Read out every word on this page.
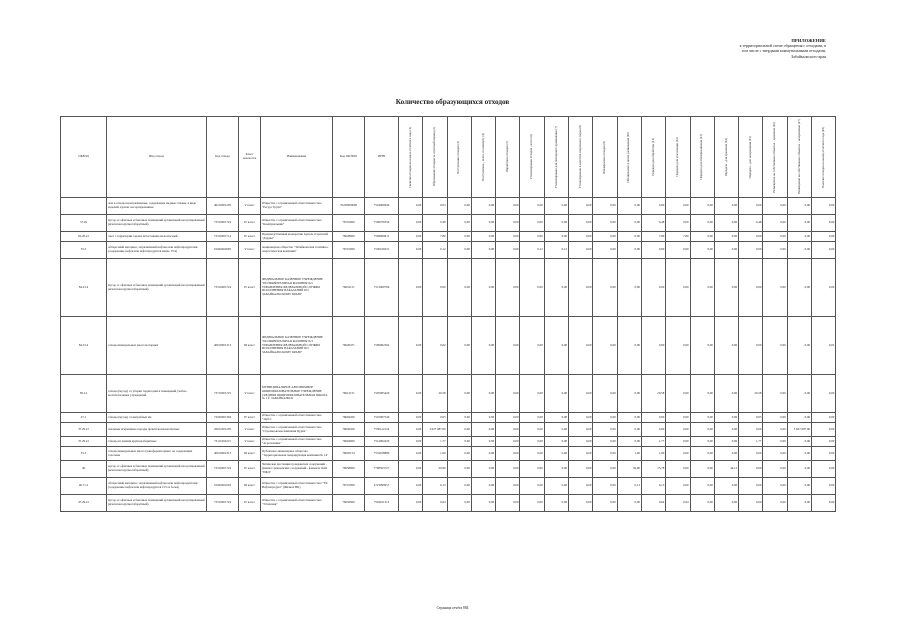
ПРИЛОЖЕНИЕ
к территориальной схеме обращения с отходами, в
том числе с твердыми коммунальными отходами,
Забайкальского края
Количество образующихся отходов
ОКВЭД	Вид отхода	Код отхода	Класс опасности	Наименование	Код ОКТМО	ИНН	Наличие отходов на начало отчетного года (1)	Образование отходов за отчетный период (2)	Поступление отходов (3)	Поступление - всего, по импорту (4)	Обработано отходов (5)	Утилизировано отходов - всего (6)	Утилизировано для повторного применения (7)	Утилизировано в качестве вторичного сырья (8)	Обезврежено отходов (9)	Обезврежено в целях размещения (10)	Передача для обработки (11)	Передача для утилизации (12)	Передача для обезвреживания (13)	Передача - для хранения (14)	Передача - для захоронения (15)	Размещение на собственных объектах - хранение (16)	Размещение на собственных объектах - захоронение (17)	Наличие отходов на конец отчетного года (18)

	лом и отходы незагрязненные, содержащие медные сплавы, в виде изделий, кусков, несортированные	46210001205	V класс	Общество с ограниченной ответственностью "Ресурс Групп"	76228000000	7524000640	0,00	0,03	0,00	0,00	0,00	0,00	0,00	0,00	0,00	0,00	0,00	0,00	0,00	0,00	0,00	0,00	0,00	0,00
37.29	мусор от офисных и бытовых помещений организаций несортированный (исключая крупногабаритный)	73310001724	IV класс	Общество с ограниченной ответственностью "Коммунальник"	76701000	7506076356	0,00	0,48	0,00	0,00	0,00	0,00	0,00	0,00	0,00	0,00	0,48	0,00	0,00	0,00	0,48	0,00	0,00	0,00
02.20.41	смет с территории гаража автостоянки малоопасный	73310001714	IV класс	Производственный кооператив Артель старателей "Даурия"	76628000	7509006811	0,00	7,80	0,00	0,00	0,00	0,00	0,00	0,00	0,00	0,00	7,80	7,80	0,00	0,00	0,00	0,00	0,00	0,00
35.3	обтирочный материал, загрязненный нефтью или нефтепродуктами (содержание нефти или нефтепродуктов менее 15%)	91920402605	V класс	Акционерное общество "Забайкальская топливно-энергетическая компания"	76701000	7536160231	0,00	0,12	0,00	0,00	0,00	0,12	0,12	0,00	0,00	0,00	0,00	0,00	0,00	0,00	0,00	0,00	0,00	0,00
84.23.4	мусор от офисных и бытовых помещений организаций несортированный (исключая крупногабаритный)	73310001724	IV класс	ФЕДЕРАЛЬНОЕ КАЗЕННОЕ УЧРЕЖДЕНИЕ "ИСПРАВИТЕЛЬНАЯ КОЛОНИЯ №5 УПРАВЛЕНИЯ ФЕДЕРАЛЬНОЙ СЛУЖБЫ ИСПОЛНЕНИЯ НАКАЗАНИЙ ПО ЗАБАЙКАЛЬСКОМУ КРАЮ"	76652151	7513000796	0,00	0,00	0,00	0,00	0,00	0,00	0,00	0,00	0,00	0,00	0,00	0,00	0,00	0,00	0,00	0,00	0,00	0,00
84.23.4	отходы минеральных масел моторных	40610001313	III класс	ФЕДЕРАЛЬНОЕ КАЗЕННОЕ УЧРЕЖДЕНИЕ "ИСПРАВИТЕЛЬНАЯ КОЛОНИЯ №3 УПРАВЛЕНИЯ ФЕДЕРАЛЬНОЙ СЛУЖБЫ ИСПОЛНЕНИЯ НАКАЗАНИЙ ПО ЗАБАЙКАЛЬСКОМУ КРАЮ"	76620471	7509002302	0,00	0,02	0,00	0,00	0,00	0,00	0,00	0,00	0,00	0,00	0,00	0,00	0,00	0,00	0,00	0,00	0,00	0,02
85.14	отходы (мусор) от уборки территории и помещений учебно-воспитательных учреждений	73710001725	V класс	МУНИЦИПАЛЬНОЕ АВТОНОМНОЕ ОБЩЕОБРАЗОВАТЕЛЬНОЕ УЧРЕЖДЕНИЕ СРЕДНЯЯ ОБЩЕОБРАЗОВАТЕЛЬНАЯ ШКОЛА № 1 Г. ЗАБАЙКАЛЬСК	76612151	7505005420	0,00	20,58	0,00	0,00	0,00	0,00	0,00	0,00	0,00	0,00	20,58	0,00	0,00	0,00	20,58	0,00	0,00	0,00
47.1	отходы (мусор) от выгребных ям	73220001394	IV класс	Общество с ограниченной ответственностью "Зауба"	76604456	7525007540	0,00	0,05	0,00	0,00	0,00	0,00	0,00	0,00	0,00	0,00	0,00	0,00	0,00	0,00	0,05	0,00	0,00	0,00
37.29.41	скальные вскрышные породы практически неопасные	20011001205	V класс	Общество с ограниченной ответственностью "Стрельцовская компания Цурна"	76630456	7536122124	0,00	3 627 087,00	0,00	0,00	0,00	0,00	0,00	0,00	0,00	0,00	0,00	0,00	0,00	0,00	0,00	0,00	3 627 087,00	0,00
37.29.41	отходы из жилищ крупногабаритные	73111002215	V класс	Общество с ограниченной ответственностью "Агротехника"	76604000	7514002420	0,00	1,77	0,00	0,00	0,00	0,00	0,00	0,00	0,00	0,00	1,77	0,00	0,00	0,00	1,77	0,00	0,00	0,00
35.3	отходы минеральных масел трансформаторных, не содержащих галогены	40610002313	III класс	Публичное акционерное общество "Территориальная генерирующая компания № 14"	76605154	7534018889	0,00	1,00	0,00	0,00	0,00	0,00	0,00	0,00	0,00	1,00	1,00	0,00	0,00	0,00	0,00	0,00	0,00	0,00
49	мусор от офисных и бытовых помещений организаций несортированный (исключая крупногабаритный)	73310001724	IV класс	Читинская дистанция гражданских сооружений - филиал гражданских сооружений - филиала ОАО "РЖД"	76658000	7708503727	0,00	59,90	0,00	0,00	0,00	0,00	0,00	0,00	0,00	59,90	15,78	0,00	0,00	44,12	0,00	0,00	0,00	0,00
46.71.2	обтирочный материал, загрязненный нефтью или нефтепродуктами (содержание нефти или нефтепродуктов 15% и более)	91920401603	III класс	Общество с ограниченной ответственностью "ТК Нефтепродукт" (Филиал НК)	76701000	2723099957	0,00	0,13	0,00	0,00	0,00	0,00	0,00	0,00	0,00	0,13	0,13	0,00	0,00	0,00	0,00	0,00	0,00	0,00
47.29.41	мусор от офисных и бытовых помещений организаций несортированный (исключая крупногабаритный)	73310001724	IV класс	Общество с ограниченной ответственностью "Успешная"	76650000	7504011313	0,00	0,64	0,00	0,00	0,00	0,00	0,00	0,00	0,00	0,00	0,64	0,64	0,00	0,00	0,00	0,00	0,00	0,00
Страница отчёта 884
